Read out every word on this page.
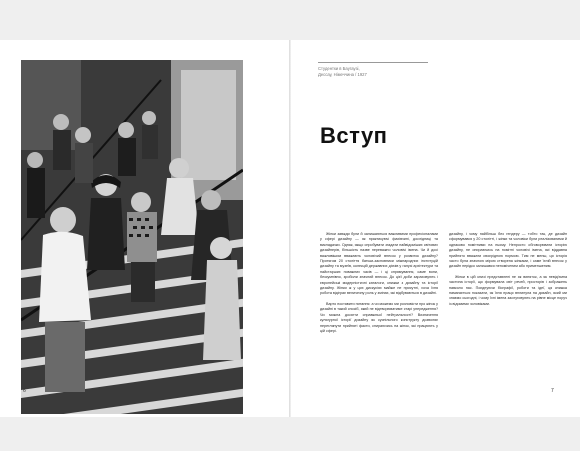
6
Студентки в Баугаузі,
Дессау, Німеччина / 1927
Вступ

Жінки завжди були й залишаються важливими професіоналами у сфері дизайну — як практикуючі фахівчині, дослідниці та викладачки. Однак, якщо спробувати згадати найвідоміших світових дизайнерів, більшість назве переважно чоловічі імена. Чи й досі важливішим вважають чоловічий внесок у розвиток дизайну? Протягом 20 століття батьки-засновники міжнародних інституцій дизайну та музеїв, колекцій державних діячів у галузі архітектури та найстарших поважних часів — і ці спрямування, саме вони, безсумнівно, зробили значний внесок. До цієї доби зараховують і європейські модерністичні каталоги, книжки з дизайну та історії дизайну. Жінки ж у цих дискусіях майже не присутні, хоча їхня робота відіграє величезну роль у змінах, які відбуваються в дизайні.

Варто поставити питання: а чи можемо ми розповісти про жінок у дизайні в такий спосіб, який не відтворюватиме старі упередження? Чи можна досягти справжньої нейтральності? Визначення культурної історії дизайну як суспільного конструкту дозволяє переглянути прийняті факти, спираючись на жінок, які працюють у цій сфері.

дизайну, і чому найбільш без гендеру — тобто так, де дизайн сформувався у 20 столітті, і жінки та чоловіки були реалізованими й однаково помітними на ньому. Непросто обговорювати історію дизайну, не опираючись на помітні чоловічі імена, які віддавна прийнято вважати своєрідною нормою. Тим не менш, ця історія часто була значною мірою створена жінками, і саме їхній внесок у дизайн нерідко залишався непоміченим або применшеним.

Жінки в цій книзі представлені не як виняток, а як невід'ємна частина історії, що формувала світ речей, просторів і зображень навколо нас. Поєднуючи біографії, роботи та ідеї, ця книжка намагається показати, як їхня праця вплинула на дизайн, який ми знаємо сьогодні, і чому їхні імена заслуговують на рівне місце поруч із відомими чоловіками.

7
